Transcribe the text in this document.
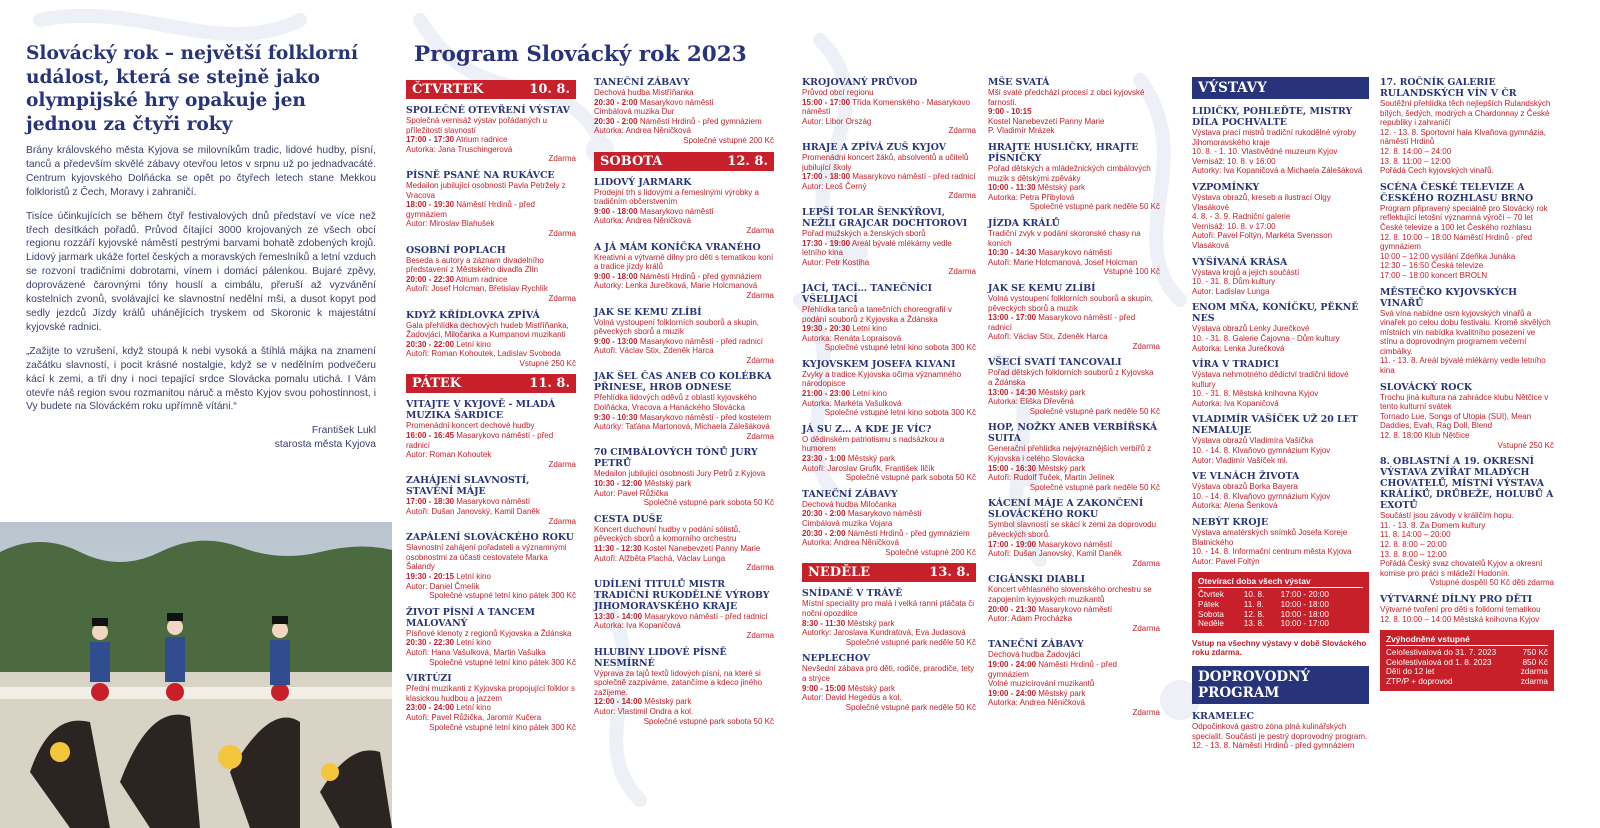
Slovácký rok – největší folklorní událost, která se stejně jako olympijské hry opakuje jen jednou za čtyři roky

Brány královského města Kyjova se milovníkům tradic, lidové hudby, písní, tanců a především skvělé zábavy otevřou letos v srpnu už po jednadvacáté. Centrum kyjovského Dolňácka se opět po čtyřech letech stane Mekkou folkloristů z Čech, Moravy i zahraničí.

Tisíce účinkujících se během čtyř festivalových dnů představí ve více než třech desítkách pořadů. Průvod čítající 3000 krojovaných ze všech obcí regionu rozzáří kyjovské náměstí pestrými barvami bohatě zdobených krojů. Lidový jarmark ukáže fortel českých a moravských řemeslníků a letní vzduch se rozvoní tradičními dobrotami, vínem i domácí pálenkou. Bujaré zpěvy, doprovázené čarovnými tóny houslí a cimbálu, přeruší až vyzvánění kostelních zvonů, svolávající ke slavnostní nedělní mši, a dusot kopyt pod sedly jezdců Jízdy králů uhánějících tryskem od Skoronic k majestátní kyjovské radnici.

„Zažijte to vzrušení, když stoupá k nebi vysoká a štíhlá májka na znamení začátku slavností, i pocit krásné nostalgie, když se v nedělním podvečeru kácí k zemi, a tři dny i noci tepající srdce Slovácka pomalu utichá. I Vám otevře náš region svou rozmanitou náruč a město Kyjov svou pohostinnost, i Vy budete na Slováckém roku upřímně vítáni.“

František Lukl
starosta města Kyjova
Program Slovácký rok 2023
ČTVRTEK	10. 8.
SPOLEČNÉ OTEVŘENÍ VÝSTAV
Společná vernisáž výstav pořádaných u příležitosti slavností
17:00 - 17:30 Atrium radnice
Autorka: Jana Truschingerová
Zdarma
PÍSNĚ PSANÉ NA RUKÁVCE
Medailon jubilující osobnosti Pavla Petržely z Vracova
18:00 - 19:30 Náměstí Hrdinů - před gymnáziem
Autor: Miroslav Blahušek
Zdarma
OSOBNÍ POPLACH
Beseda s autory a záznam divadelního představení z Městského divadla Zlín
20:00 - 22:30 Atrium radnice
Autoři: Josef Holcman, Břetislav Rychlík
Zdarma
KDYŽ KŘÍDLOVKA ZPÍVÁ
Gala přehlídka dechových hudeb Mistříňanka, Žadovjáci, Miločanka a Kumpanovi muzikanti
20:30 - 22:00 Letní kino
Autoři: Roman Kohoutek, Ladislav Svoboda
Vstupné 250 Kč
PÁTEK	11. 8.
VITAJTE V KYJOVĚ - MLADÁ MUZIKA ŠARDICE
Promenádní koncert dechové hudby
16:00 - 16:45 Masarykovo náměstí - před radnicí
Autor: Roman Kohoutek
Zdarma
ZAHÁJENÍ SLAVNOSTÍ, STAVĚNÍ MÁJE
17:00 - 18:30 Masarykovo náměstí
Autoři: Dušan Janovský, Kamil Daněk
Zdarma
ZAPÁLENÍ SLOVÁCKÉHO ROKU
Slavnostní zahájení pořadateli a významnými osobnostmi za účasti cestovatele Marka Šalandy
19:30 - 20:15 Letní kino
Autor: Daniel Čmelík
Společné vstupné letní kino pátek 300 Kč
ŽIVOT PÍSNÍ A TANCEM MALOVANÝ
Písňové klenoty z regionů Kyjovska a Ždánska
20:30 - 22:30 Letní kino
Autoři: Hana Vašulková, Martin Vašulka
Společné vstupné letní kino pátek 300 Kč
VIRTÚZI
Přední muzikanti z Kyjovska propojující folklor s klasickou hudbou a jazzem
23:00 - 24:00 Letní kino
Autoři: Pavel Růžička, Jaromír Kučera
Společné vstupné letní kino pátek 300 Kč
TANEČNÍ ZÁBAVY
Dechová hudba Mistříňanka
20:30 - 2:00 Masarykovo náměstí
Cimbálová muzika Dur
20:30 - 2:00 Náměstí Hrdinů - před gymnáziem
Autorka: Andrea Něničková
Společné vstupné 200 Kč
SOBOTA	12. 8.
LIDOVÝ JARMARK
Prodejní trh s lidovými a řemeslnými výrobky a tradičním občerstvením
9:00 - 18:00 Masarykovo náměstí
Autorka: Andrea Něničková
Zdarma
A JÁ MÁM KONÍČKA VRANÉHO
Kreativní a výtvarné dílny pro děti s tematikou koní a tradice jízdy králů
9:00 - 18:00 Náměstí Hrdinů - před gymnáziem
Autorky: Lenka Jurečková, Marie Holcmanová
Zdarma
JAK SE KEMU ZLÍBÍ
Volná vystoupení folklorních souborů a skupin, pěveckých sborů a muzik
9:00 - 13:00 Masarykovo náměstí - před radnicí
Autoři: Václav Stix, Zdeněk Harca
Zdarma
JAK ŠEL ČAS ANEB CO KOLÉBKA PŘINESE, HROB ODNESE
Přehlídka lidových oděvů z oblastí kyjovského Dolňácka, Vracova a Hanáckého Slovácka
9:30 - 10:30 Masarykovo náměstí - před kostelem
Autorky: Taťána Martonová, Michaela Zálešáková
Zdarma
70 CIMBÁLOVÝCH TÓNŮ JURY PETRŮ
Medailon jubilující osobnosti Jury Petrů z Kyjova
10:30 - 12:00 Městský park
Autor: Pavel Růžička
Společné vstupné park sobota 50 Kč
CESTA DUŠE
Koncert duchovní hudby v podání sólistů, pěveckých sborů a komorního orchestru
11:30 - 12:30 Kostel Nanebevzetí Panny Marie
Autoři: Alžběta Plachá, Václav Lunga
Zdarma
UDÍLENÍ TITULŮ MISTR TRADIČNÍ RUKODĚLNÉ VÝROBY JIHOMORAVSKÉHO KRAJE
13:30 - 14:00 Masarykovo náměstí - před radnicí
Autorka: Iva Kopaničová
Zdarma
HLUBINY LIDOVÉ PÍSNĚ NESMÍRNÉ
Výprava za tajů textů lidových písní, na které si společně zazpíváme, zatančíme a kdeco jiného zažijeme.
12:00 - 14:00 Městský park
Autor: Vlastimil Ondra a kol.
Společné vstupné park sobota 50 Kč
KROJOVANÝ PRŮVOD
Průvod obcí regionu
15:00 - 17:00 Třída Komenského - Masarykovo náměstí
Autor: Libor Ország
Zdarma
HRAJE A ZPÍVÁ ZUŠ KYJOV
Promenádní koncert žáků, absolventů a učitelů jubilující školy
17:00 - 18:00 Masarykovo náměstí - před radnicí
Autor: Leoš Černý
Zdarma
LEPŠÍ TOLAR ŠENKÝŘOVI, NEŽLI GRAJCAR DOCHTOROVI
Pořad mužských a ženských sborů
17:30 - 19:00 Areál bývalé mlékárny vedle letního kina
Autor: Petr Kostiha
Zdarma
JACÍ, TACÍ… TANEČNÍCI VŠELIJACÍ
Přehlídka tanců a tanečních choreografií v podání souborů z Kyjovska a Ždánska
19:30 - 20:30 Letní kino
Autorka: Renáta Lopraisová
Společné vstupné letní kino sobota 300 Kč
KYJOVSKEM JOSEFA KLVANI
Zvyky a tradice Kyjovska očima významného národopisce
21:00 - 23:00 Letní kino
Autorka: Markéta Vašulková
Společné vstupné letní kino sobota 300 Kč
JÁ SU Z… A KDE JE VÍC?
O dědinském patriotismu s nadsázkou a humorem
23:30 - 1:00 Městský park
Autoři: Jaroslav Grufik, František Ilčík
Společné vstupné park sobota 50 Kč
TANEČNÍ ZÁBAVY
Dechová hudba Miločanka
20:30 - 2:00 Masarykovo náměstí
Cimbálová muzika Vojara
20:30 - 2:00 Náměstí Hrdinů - před gymnáziem
Autorka: Andrea Něničková
Společné vstupné 200 Kč
NEDĚLE	13. 8.
SNÍDANĚ V TRÁVĚ
Místní speciality pro malá i velká ranní ptáčata či noční opozdilce
8:30 - 11:30 Městský park
Autorky: Jaroslava Kundratová, Eva Judasová
Společné vstupné park neděle 50 Kč
NEPLECHOV
Nevšední zábava pro děti, rodiče, prarodiče, tety a strýce
9:00 - 15:00 Městský park
Autor: David Hegedüs a kol.
Společné vstupné park neděle 50 Kč
MŠE SVATÁ
Mší svaté předchází procesí z obcí kyjovské farnosti.
9:00 - 10:15
Kostel Nanebevzetí Panny Marie
P. Vladimír Mrázek
HRAJTE HUSLIČKY, HRAJTE PÍSNIČKY
Pořad dětských a mládežnických cimbálových muzik s dětskými zpěváky
10:00 - 11:30 Městský park
Autorka: Petra Přibylová
Společné vstupné park neděle 50 Kč
JÍZDA KRÁLŮ
Tradiční zvyk v podání skoronské chasy na koních
10:30 - 14:30 Masarykovo náměstí
Autoři: Marie Holcmanová, Josef Holcman
Vstupné 100 Kč
JAK SE KEMU ZLÍBÍ
Volná vystoupení folklorních souborů a skupin, pěveckých sborů a muzik
13:00 - 17:00 Masarykovo náměstí - před radnicí
Autoři: Václav Stix, Zdeněk Harca
Zdarma
VŠECÍ SVATÍ TANCOVALI
Pořad dětských folklorních souborů z Kyjovska a Ždánska
13:00 - 14:30 Městský park
Autorka: Eliška Dřevěná
Společné vstupné park neděle 50 Kč
HOP, NOŽKY ANEB VERBÍŘSKÁ SUITA
Generační přehlídka nejvýraznějších verbířů z Kyjovska i celého Slovácka
15:00 - 16:30 Městský park
Autoři: Rudolf Tuček, Martin Jelínek
Společné vstupné park neděle 50 Kč
KÁCENÍ MÁJE A ZAKONČENÍ SLOVÁCKÉHO ROKU
Symbol slavností se skácí k zemi za doprovodu pěveckých sborů.
17:00 - 19:00 Masarykovo náměstí
Autoři: Dušan Janovský, Kamil Daněk
Zdarma
CIGÁNSKI DIABLI
Koncert věhlasného slovenského orchestru se zapojením kyjovských muzikantů
20:00 - 21:30 Masarykovo náměstí
Autor: Adam Procházka
Zdarma
TANEČNÍ ZÁBAVY
Dechová hudba Žadovjáci
19:00 - 24:00 Náměstí Hrdinů - před gymnáziem
Volné muzicírování muzikantů
19:00 - 24:00 Městský park
Autorka: Andrea Něničková
Zdarma
VÝSTAVY
LIDIČKY, POHLEĎTE, MISTRY DÍLA POCHVALTE
Výstava prací mistrů tradiční rukodělné výroby Jihomoravského kraje
10. 8. - 1. 10. Vlastivědné muzeum Kyjov
Vernisáž: 10. 8. v 16:00
Autorky: Iva Kopaničová a Michaela Zálešáková
VZPOMÍNKY
Výstava obrazů, kreseb a ilustrací Olgy Vlasákové
4. 8. - 3. 9. Radniční galerie
Vernisáž: 10. 8. v 17:00
Autoři: Pavel Foltýn, Markéta Svensson Vlasáková
VYŠÍVANÁ KRÁSA
Výstava krojů a jejich součástí
10. - 31. 8. Dům kultury
Autor: Ladislav Lunga
ENOM MŇA, KONÍČKU, PĚKNĚ NES
Výstava obrazů Lenky Jurečkové
10. - 31. 8. Galerie Čajovna - Dům kultury
Autorka: Lenka Jurečková
VÍRA V TRADICI
Výstava nehmotného dědictví tradiční lidové kultury
10. - 31. 8. Městská knihovna Kyjov
Autorka: Iva Kopaničová
VLADIMÍR VAŠÍČEK UŽ 20 LET NEMALUJE
Výstava obrazů Vladimíra Vašíčka
10. - 14. 8. Klvaňovo gymnázium Kyjov
Autor: Vladimír Vašíček ml.
VE VLNÁCH ŽIVOTA
Výstava obrazů Borka Bayera
10. - 14. 8. Klvaňovo gymnázium Kyjov
Autorka: Alena Šenková
NEBÝT KROJE
Výstava amatérských snímků Josefa Koreje Blatnického
10. - 14. 8. Informační centrum města Kyjova
Autor: Pavel Foltýn
Otevírací doba všech výstav
Čtvrtek	10. 8.	17:00 - 20:00
Pátek	11. 8.	10:00 - 18:00
Sobota	12. 8.	10:00 - 18:00
Neděle	13. 8.	10:00 - 17:00
Vstup na všechny výstavy v době Slováckého roku zdarma.
DOPROVODNÝ PROGRAM
KRAMELEC
Odpočinková gastro zóna plná kulinářských specialit. Součástí je pestrý doprovodný program.
12. - 13. 8. Náměstí Hrdinů - před gymnáziem
17. ROČNÍK GALERIE RULANDSKÝCH VÍN V ČR
Soutěžní přehlídka těch nejlepších Rulandských bílých, šedých, modrých a Chardonnay z České republiky i zahraničí
12. - 13. 8. Sportovní hala Klvaňova gymnázia, náměstí Hrdinů
12. 8. 14:00 – 24:00
13. 8. 11:00 – 12:00
Pořádá Cech kyjovských vinařů.
SCÉNA ČESKÉ TELEVIZE A ČESKÉHO ROZHLASU BRNO
Program připravený speciálně pro Slovácký rok reflektující letošní významná výročí – 70 let České televize a 100 let Českého rozhlasu
12. 8. 10:00 – 18:00 Náměstí Hrdinů - před gymnáziem
10:00 – 12:00 vysílání Zdeňka Junáka
12:30 – 16:50 Česká televize
17:00 – 18:00 koncert BROLN
MĚSTEČKO KYJOVSKÝCH VINAŘŮ
Svá vína nabídne osm kyjovských vinařů a vinařek po celou dobu festivalu. Kromě skvělých místních vín nabídka kvalitního posezení ve stínu a doprovodným programem večerní cimbálky.
11. - 13. 8. Areál bývalé mlékárny vedle letního kina
SLOVÁCKÝ ROCK
Trochu jiná kultura na zahrádce klubu Nětčice v tento kulturní svátek
Tornado Lue, Songs of Utopia (SUI), Mean Daddies, Evah, Rag Doll, Blend
12. 8. 18:00 Klub Nětčice
Vstupné 250 Kč
8. OBLASTNÍ A 19. OKRESNÍ VÝSTAVA ZVÍŘAT MLADÝCH CHOVATELŮ, MÍSTNÍ VÝSTAVA KRÁLÍKŮ, DRŮBEŽE, HOLUBŮ A EXOTŮ
Součástí jsou závody v králičím hopu.
11. - 13. 8. Za Domem kultury
11. 8. 14:00 – 20:00
12. 8. 8:00 – 20:00
13. 8. 8:00 – 12:00
Pořádá Český svaz chovatelů Kyjov a okresní komise pro práci s mládeží Hodonín.
Vstupné dospělí 50 Kč děti zdarma
VÝTVARNÉ DÍLNY PRO DĚTI
Výtvarné tvoření pro děti s folklorní tematikou
12. 8. 10:00 – 14:00 Městská knihovna Kyjov
Zvýhodněné vstupné
Celofestivalová do 31. 7. 2023	750 Kč
Celofestivalová od 1. 8. 2023	850 Kč
Děti do 12 let	zdarma
ZTP/P + doprovod	zdarma
